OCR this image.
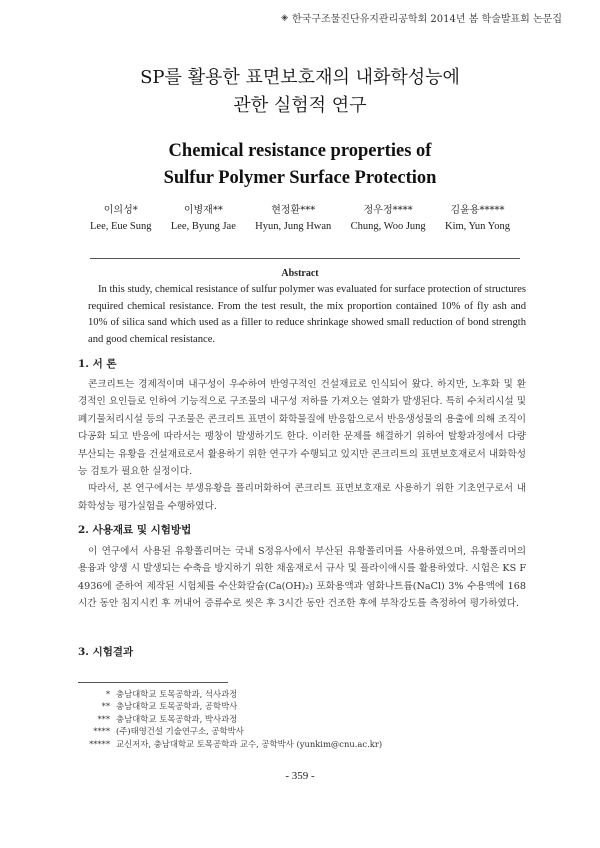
◈ 한국구조물진단유지관리공학회 2014년 봄 학술발표회 논문집
SP를 활용한 표면보호재의 내화학성능에
관한 실험적 연구
Chemical resistance properties of
Sulfur Polymer Surface Protection
이의성*
Lee, Eue Sung
이병재**
Lee, Byung Jae
현정환***
Hyun, Jung Hwan
정우정****
Chung, Woo Jung
김윤용*****
Kim, Yun Yong
Abstract
In this study, chemical resistance of sulfur polymer was evaluated for surface protection of structures required chemical resistance. From the test result, the mix proportion contained 10% of fly ash and 10% of silica sand which used as a filler to reduce shrinkage showed small reduction of bond strength and good chemical resistance.
1. 서 론

콘크리트는 경제적이며 내구성이 우수하여 반영구적인 건설재료로 인식되어 왔다. 하지만, 노후화 및 환경적인 요인들로 인하여 기능적으로 구조물의 내구성 저하를 가져오는 열화가 발생된다. 특히 수처리시설 및 폐기물처리시설 등의 구조물은 콘크리트 표면이 화학물질에 반응함으로서 반응생성물의 용출에 의해 조직이 다공화 되고 반응에 따라서는 팽창이 발생하기도 한다. 이러한 문제를 해결하기 위하여 탈황과정에서 다량 부산되는 유황을 건설재료로서 활용하기 위한 연구가 수행되고 있지만 콘크리트의 표면보호재로서 내화학성능 검토가 필요한 실정이다.

따라서, 본 연구에서는 부생유황을 폴리머화하여 콘크리트 표면보호재로 사용하기 위한 기초연구로서 내화학성능 평가실험을 수행하였다.

2. 사용재료 및 시험방법

이 연구에서 사용된 유황폴리머는 국내 S정유사에서 부산된 유황폴리머를 사용하였으며, 유황폴리머의 용융과 양생 시 발생되는 수축을 방지하기 위한 채움재로서 규사 및 플라이애시를 활용하였다. 시험은 KS F 4936에 준하여 제작된 시험체를 수산화칼슘(Ca(OH)₂) 포화용액과 염화나트륨(NaCl) 3% 수용액에 168시간 동안 침지시킨 후 꺼내어 증류수로 씻은 후 3시간 동안 건조한 후에 부착강도를 측정하여 평가하였다.

3. 시험결과
* 충남대학교 토목공학과, 석사과정
** 충남대학교 토목공학과, 공학박사
*** 충남대학교 토목공학과, 박사과정
**** (주)태영건설 기술연구소, 공학박사
***** 교신저자, 충남대학교 토목공학과 교수, 공학박사 (yunkim@cnu.ac.kr)
- 359 -
